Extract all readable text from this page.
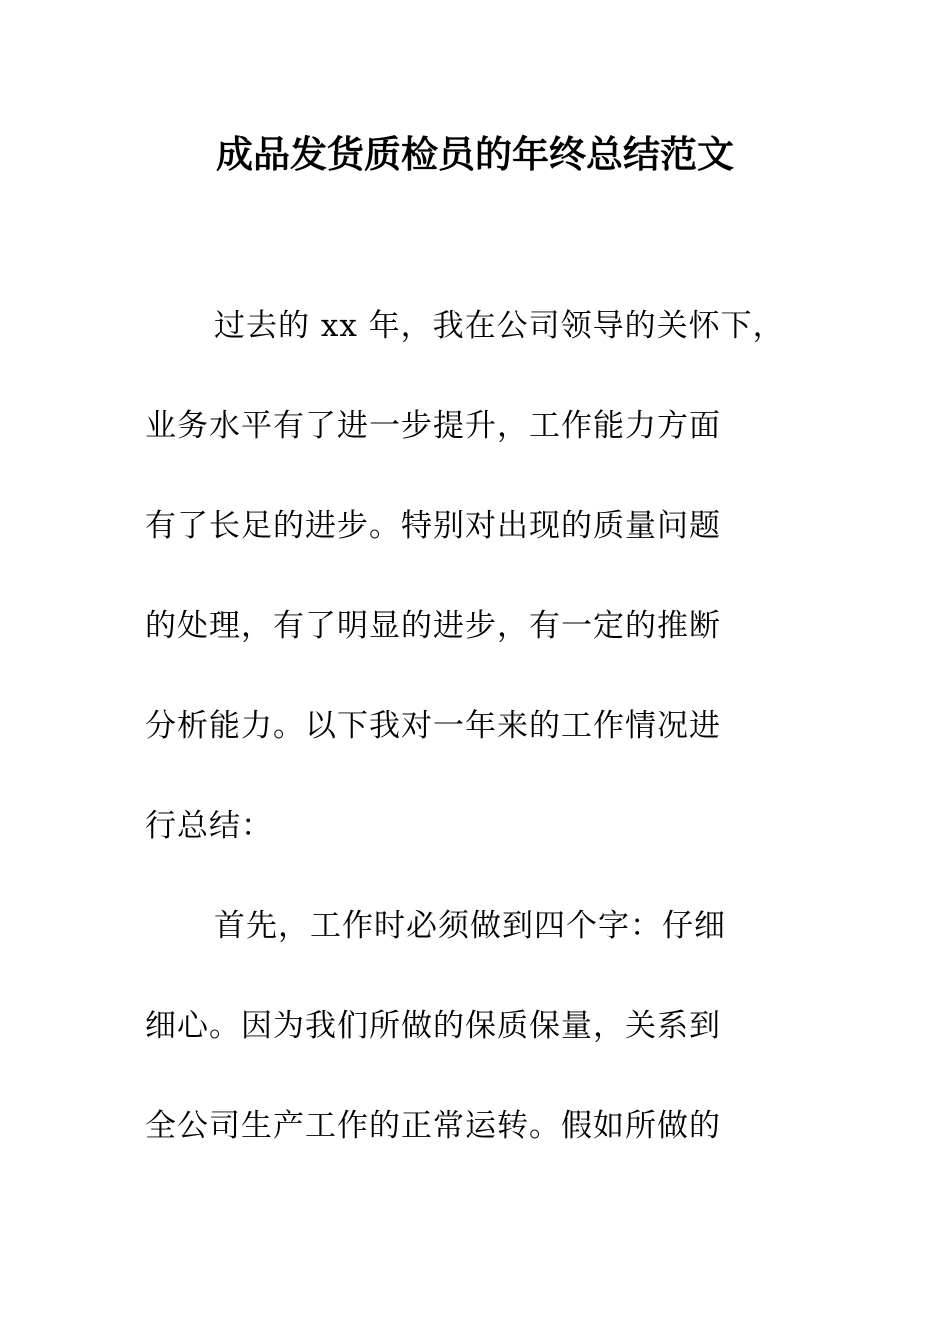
成品发货质检员的年终总结范文
过去的 xx 年，我在公司领导的关怀下，
业务水平有了进一步提升，工作能力方面
有了长足的进步。特别对出现的质量问题
的处理，有了明显的进步，有一定的推断
分析能力。以下我对一年来的工作情况进
行总结：
首先，工作时必须做到四个字：仔细
细心。因为我们所做的保质保量，关系到
全公司生产工作的正常运转。假如所做的
